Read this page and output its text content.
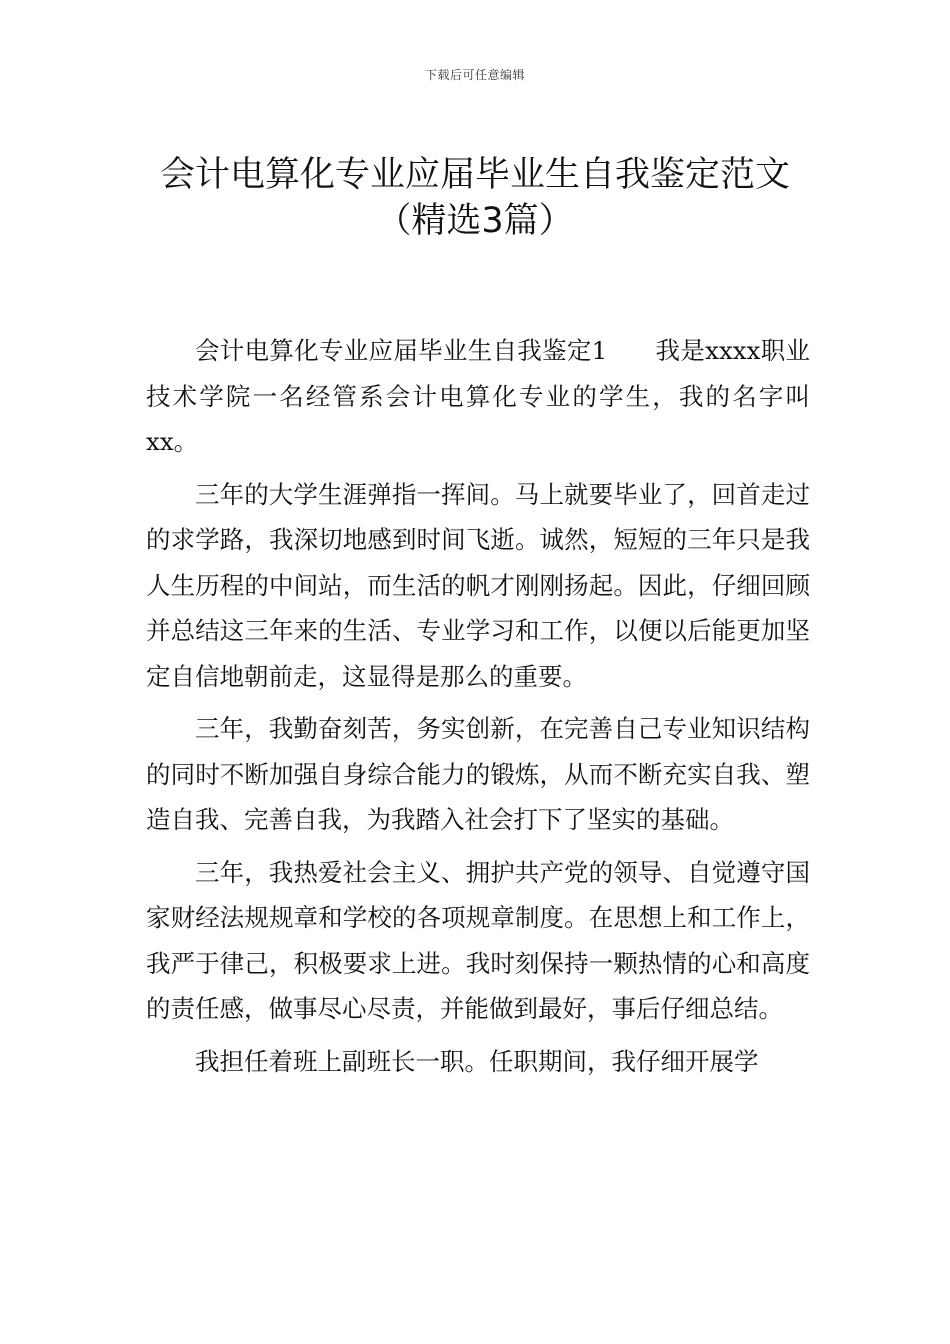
下载后可任意编辑
会计电算化专业应届毕业生自我鉴定范文
（精选3篇）

会计电算化专业应届毕业生自我鉴定1 我是xxxx职业技术学院一名经管系会计电算化专业的学生，我的名字叫xx。

三年的大学生涯弹指一挥间。马上就要毕业了，回首走过的求学路，我深切地感到时间飞逝。诚然，短短的三年只是我人生历程的中间站，而生活的帆才刚刚扬起。因此，仔细回顾并总结这三年来的生活、专业学习和工作，以便以后能更加坚定自信地朝前走，这显得是那么的重要。

三年，我勤奋刻苦，务实创新，在完善自己专业知识结构的同时不断加强自身综合能力的锻炼，从而不断充实自我、塑造自我、完善自我，为我踏入社会打下了坚实的基础。

三年，我热爱社会主义、拥护共产党的领导、自觉遵守国家财经法规规章和学校的各项规章制度。在思想上和工作上，我严于律己，积极要求上进。我时刻保持一颗热情的心和高度的责任感，做事尽心尽责，并能做到最好，事后仔细总结。

我担任着班上副班长一职。任职期间，我仔细开展学
